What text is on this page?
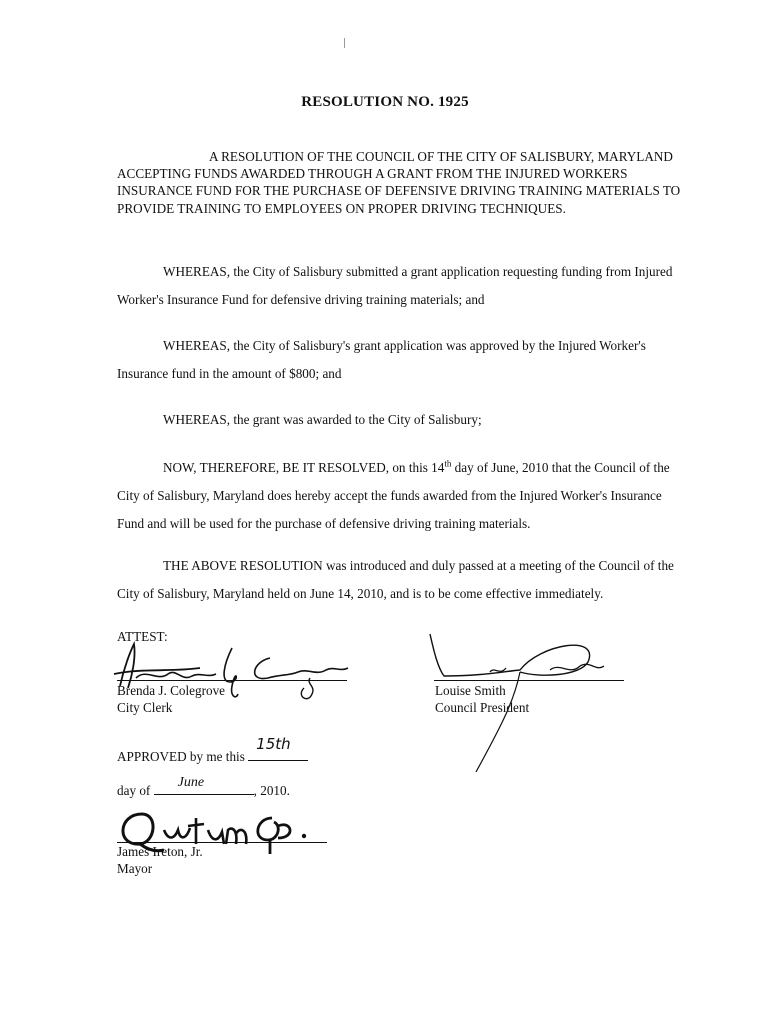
RESOLUTION NO. 1925
A RESOLUTION OF THE COUNCIL OF THE CITY OF SALISBURY, MARYLAND ACCEPTING FUNDS AWARDED THROUGH A GRANT FROM THE INJURED WORKERS INSURANCE FUND FOR THE PURCHASE OF DEFENSIVE DRIVING TRAINING MATERIALS TO PROVIDE TRAINING TO EMPLOYEES ON PROPER DRIVING TECHNIQUES.
WHEREAS, the City of Salisbury submitted a grant application requesting funding from Injured Worker's Insurance Fund for defensive driving training materials; and
WHEREAS, the City of Salisbury's grant application was approved by the Injured Worker's Insurance fund in the amount of $800; and
WHEREAS, the grant was awarded to the City of Salisbury;
NOW, THEREFORE, BE IT RESOLVED, on this 14th day of June, 2010 that the Council of the City of Salisbury, Maryland does hereby accept the funds awarded from the Injured Worker's Insurance Fund and will be used for the purchase of defensive driving training materials.
THE ABOVE RESOLUTION was introduced and duly passed at a meeting of the Council of the City of Salisbury, Maryland held on June 14, 2010, and is to be come effective immediately.
ATTEST:
Brenda J. Colegrove
City Clerk
Louise Smith
Council President
APPROVED by me this
15th
day of
June
, 2010.
James Ireton, Jr.
Mayor
